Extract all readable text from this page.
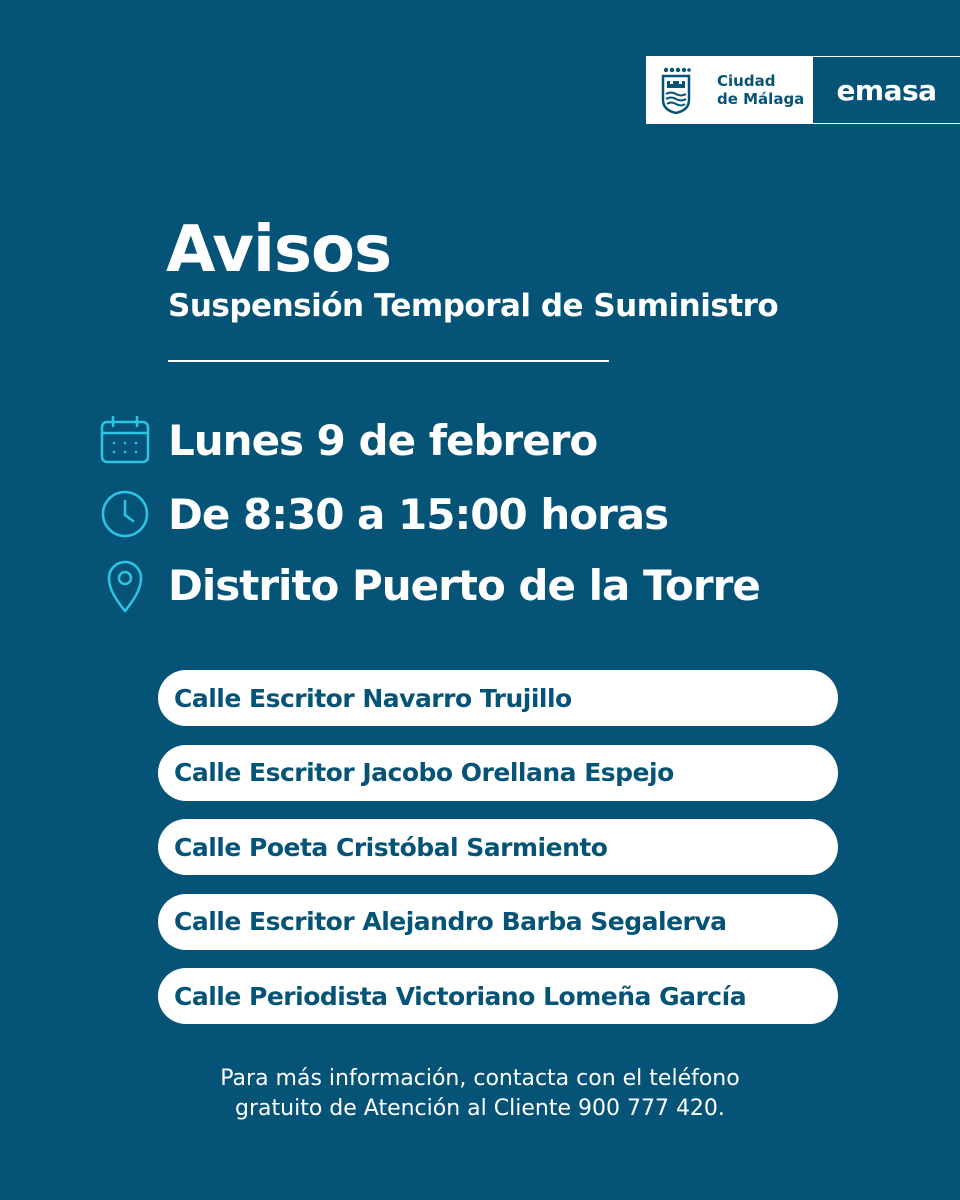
Ciudad
de Málaga	emasa
Avisos
Suspensión Temporal de Suministro
Lunes 9 de febrero
De 8:30 a 15:00 horas
Distrito Puerto de la Torre
Calle Escritor Navarro Trujillo
Calle Escritor Jacobo Orellana Espejo
Calle Poeta Cristóbal Sarmiento
Calle Escritor Alejandro Barba Segalerva
Calle Periodista Victoriano Lomeña García
Para más información, contacta con el teléfono
gratuito de Atención al Cliente 900 777 420.
